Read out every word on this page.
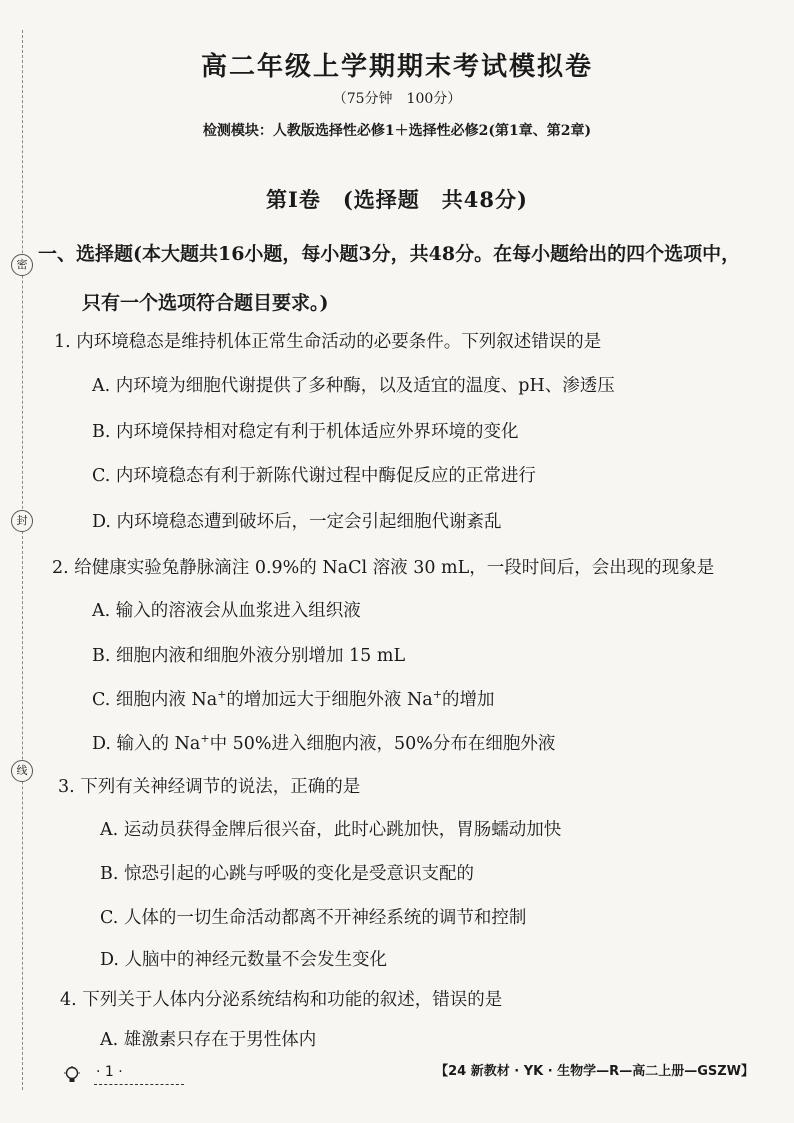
密
封
线
高二年级上学期期末考试模拟卷
（75分钟　100分）
检测模块：人教版选择性必修1＋选择性必修2(第1章、第2章)
第Ⅰ卷　(选择题　共48分)
一、选择题(本大题共16小题，每小题3分，共48分。在每小题给出的四个选项中，
只有一个选项符合题目要求。)
1. 内环境稳态是维持机体正常生命活动的必要条件。下列叙述错误的是
A. 内环境为细胞代谢提供了多种酶，以及适宜的温度、pH、渗透压
B. 内环境保持相对稳定有利于机体适应外界环境的变化
C. 内环境稳态有利于新陈代谢过程中酶促反应的正常进行
D. 内环境稳态遭到破坏后，一定会引起细胞代谢紊乱
2. 给健康实验兔静脉滴注 0.9%的 NaCl 溶液 30 mL，一段时间后，会出现的现象是
A. 输入的溶液会从血浆进入组织液
B. 细胞内液和细胞外液分别增加 15 mL
C. 细胞内液 Na+的增加远大于细胞外液 Na+的增加
D. 输入的 Na+中 50%进入细胞内液，50%分布在细胞外液
3. 下列有关神经调节的说法，正确的是
A. 运动员获得金牌后很兴奋，此时心跳加快，胃肠蠕动加快
B. 惊恐引起的心跳与呼吸的变化是受意识支配的
C. 人体的一切生命活动都离不开神经系统的调节和控制
D. 人脑中的神经元数量不会发生变化
4. 下列关于人体内分泌系统结构和功能的叙述，错误的是
A. 雄激素只存在于男性体内
· 1 ·	【24 新教材 · YK · 生物学—R—高二上册—GSZW】
